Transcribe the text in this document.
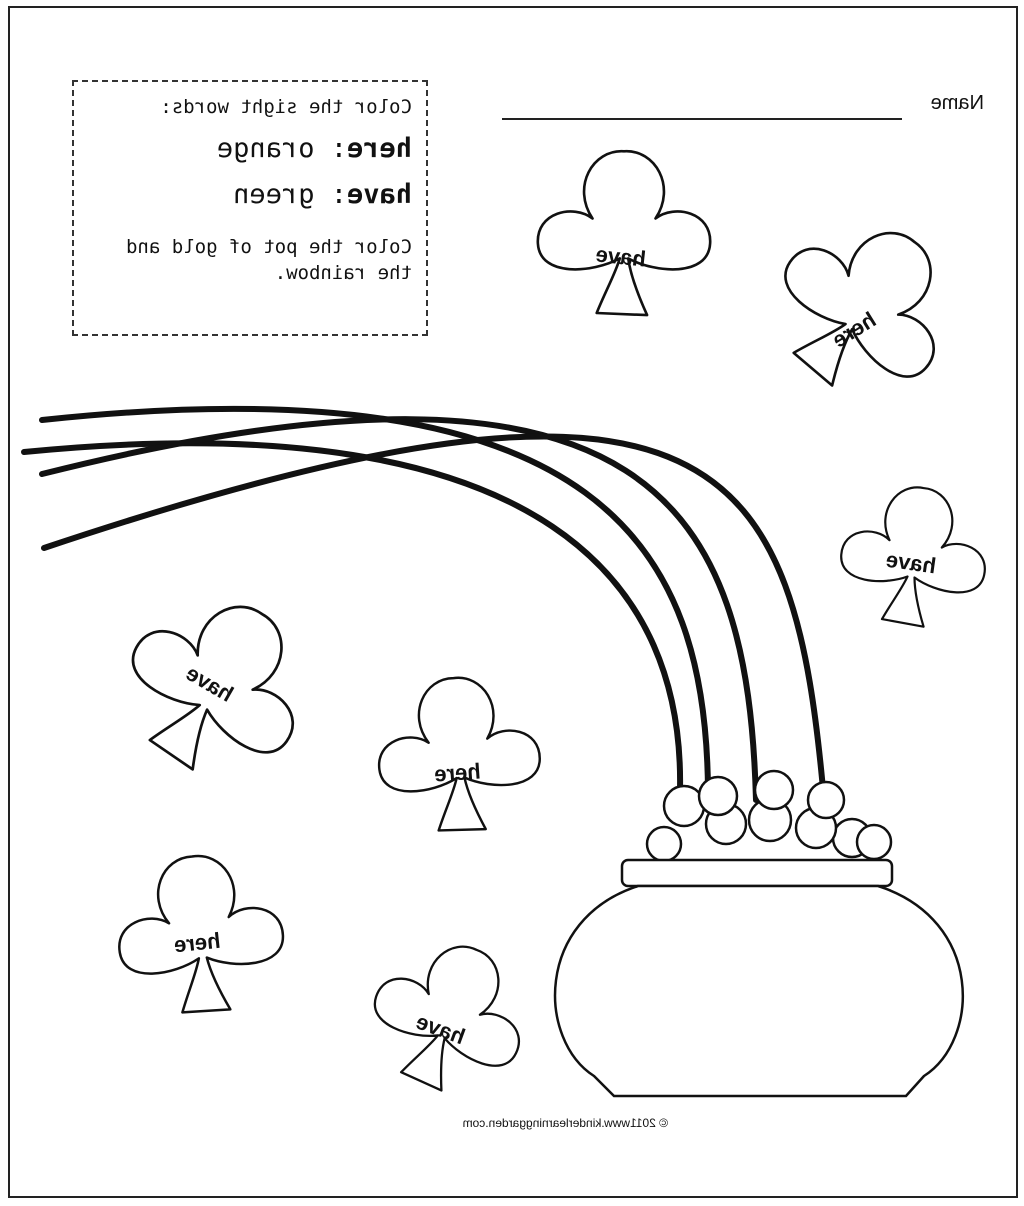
Name

Color the sight words:

here: orange

have: green

Color the pot of gold and
the rainbow.

have
here
have
have
here
here
have
© 2011www.kinderlearninggarden.com
